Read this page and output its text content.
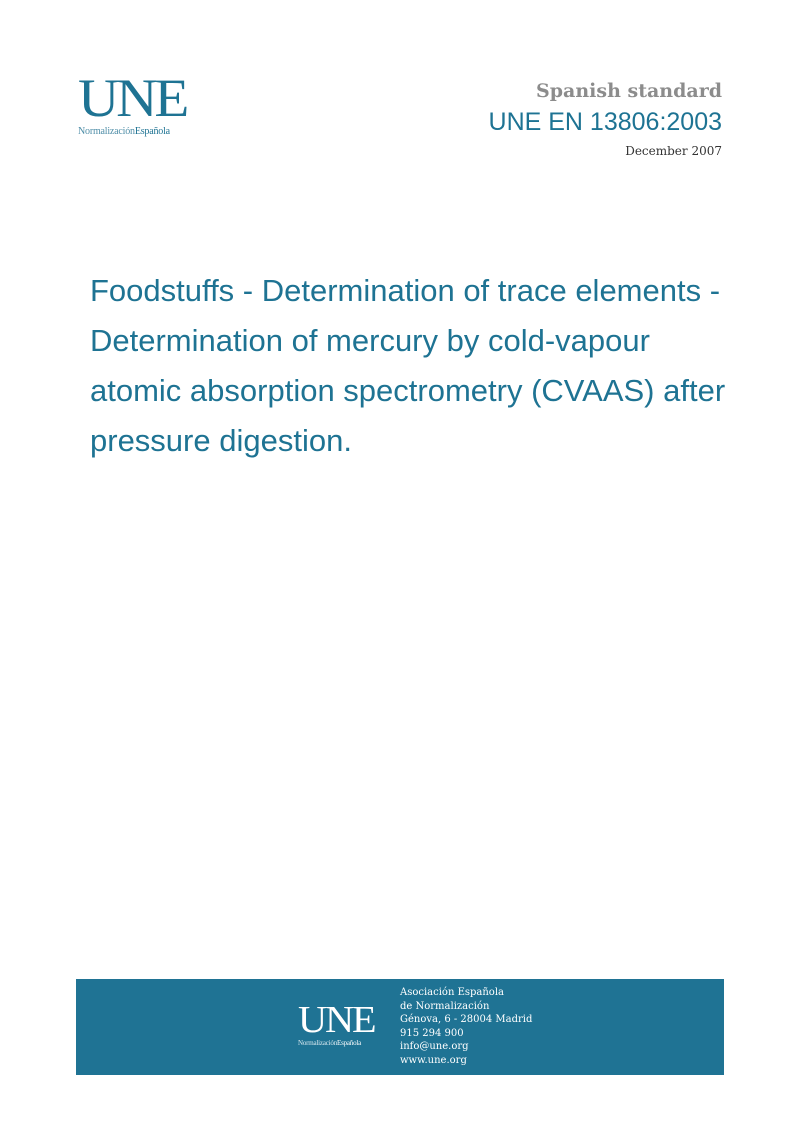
UNE
NormalizaciónEspañola
Spanish standard
UNE EN 13806:2003
December 2007
Foodstuffs - Determination of trace elements - Determination of mercury by cold-vapour atomic absorption spectrometry (CVAAS) after pressure digestion.
UNE
NormalizaciónEspañola
Asociación Española
de Normalización
Génova, 6 - 28004 Madrid
915 294 900
info@une.org
www.une.org
